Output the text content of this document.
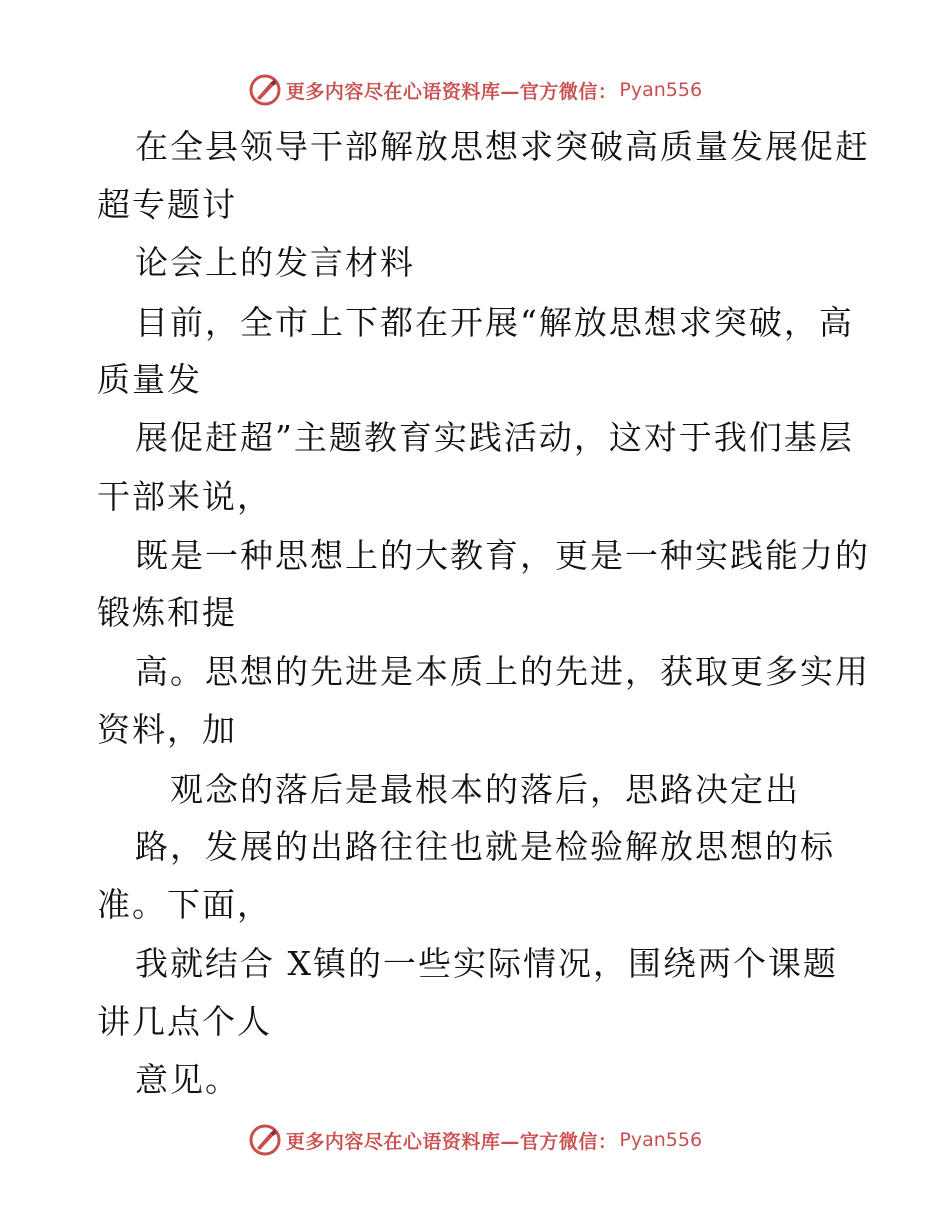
更多内容尽在心语资料库—官方微信： Pyan556
在全县领导干部解放思想求突破高质量发展促赶
超专题讨
论会上的发言材料
目前，全市上下都在开展“解放思想求突破，高
质量发
展促赶超”主题教育实践活动，这对于我们基层
干部来说，
既是一种思想上的大教育，更是一种实践能力的
锻炼和提
高。思想的先进是本质上的先进，获取更多实用
资料，加
观念的落后是最根本的落后，思路决定出
路，发展的出路往往也就是检验解放思想的标
准。下面，
我就结合 X镇的一些实际情况，围绕两个课题
讲几点个人
意见。
更多内容尽在心语资料库—官方微信： Pyan556
